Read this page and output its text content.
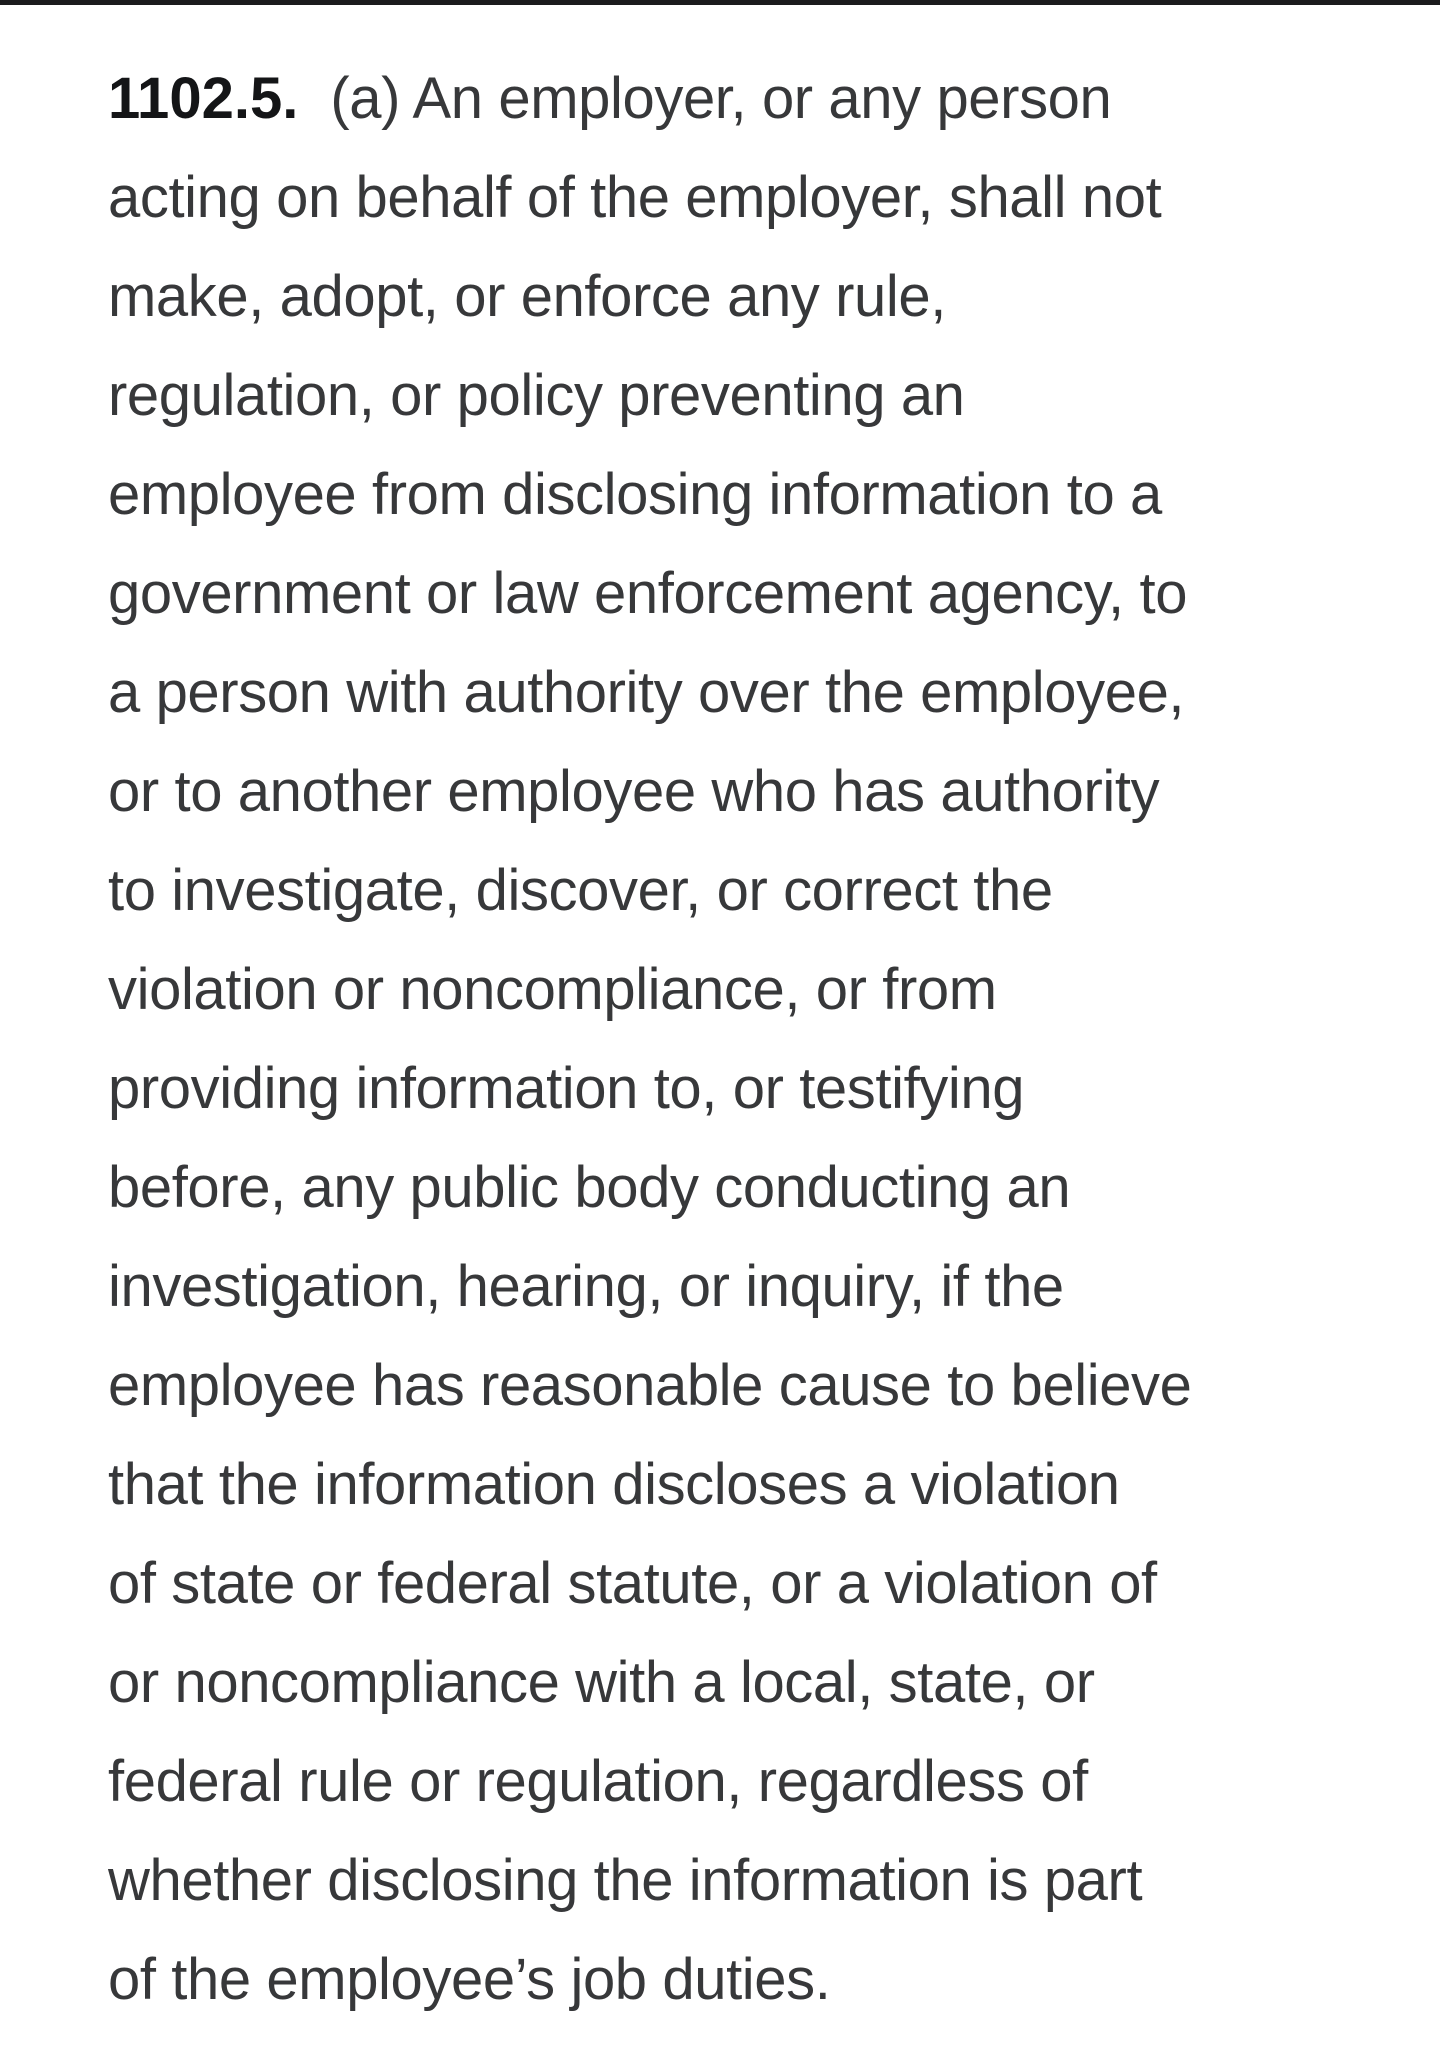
1102.5. (a) An employer, or any person
acting on behalf of the employer, shall not
make, adopt, or enforce any rule,
regulation, or policy preventing an
employee from disclosing information to a
government or law enforcement agency, to
a person with authority over the employee,
or to another employee who has authority
to investigate, discover, or correct the
violation or noncompliance, or from
providing information to, or testifying
before, any public body conducting an
investigation, hearing, or inquiry, if the
employee has reasonable cause to believe
that the information discloses a violation
of state or federal statute, or a violation of
or noncompliance with a local, state, or
federal rule or regulation, regardless of
whether disclosing the information is part
of the employee’s job duties.
